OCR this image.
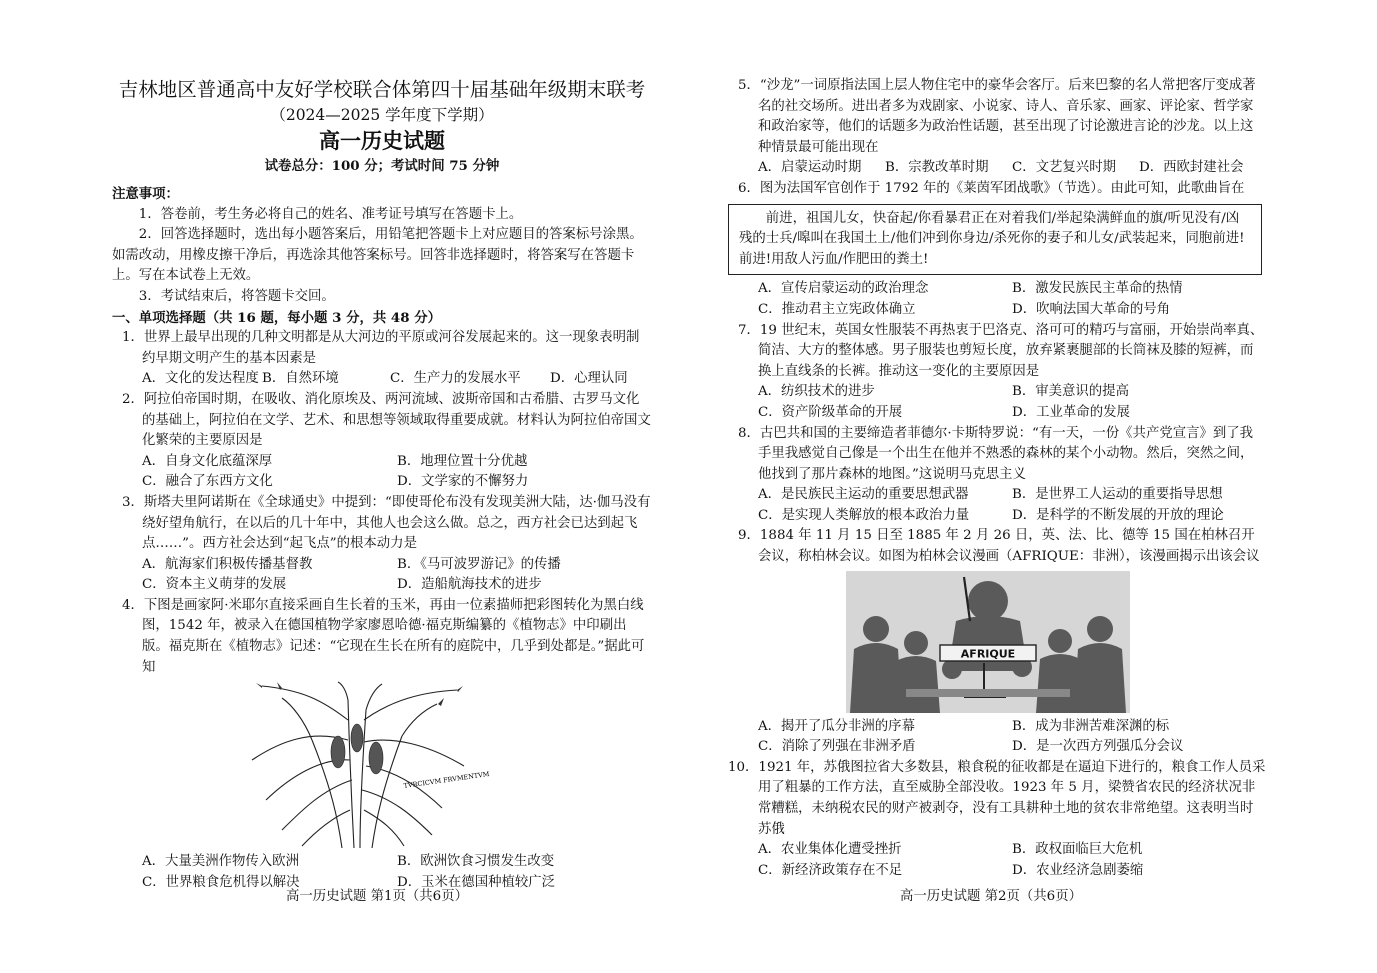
吉林地区普通高中友好学校联合体第四十届基础年级期末联考
（2024—2025 学年度下学期）
高一历史试题
试卷总分：100 分；考试时间 75 分钟
注意事项：
1．答卷前，考生务必将自己的姓名、准考证号填写在答题卡上。
2．回答选择题时，选出每小题答案后，用铅笔把答题卡上对应题目的答案标号涂黑。如需改动，用橡皮擦干净后，再选涂其他答案标号。回答非选择题时，将答案写在答题卡上。写在本试卷上无效。
3．考试结束后，将答题卡交回。
一、单项选择题（共 16 题，每小题 3 分，共 48 分）
1．世界上最早出现的几种文明都是从大河边的平原或河谷发展起来的。这一现象表明制约早期文明产生的基本因素是
A．文化的发达程度 B．自然环境	C．生产力的发展水平	D．心理认同
2．阿拉伯帝国时期，在吸收、消化原埃及、两河流域、波斯帝国和古希腊、古罗马文化的基础上，阿拉伯在文学、艺术、和思想等领域取得重要成就。材料认为阿拉伯帝国文化繁荣的主要原因是
A．自身文化底蕴深厚	B．地理位置十分优越
C．融合了东西方文化	D．文学家的不懈努力
3．斯塔夫里阿诺斯在《全球通史》中提到：“即使哥伦布没有发现美洲大陆，达·伽马没有绕好望角航行，在以后的几十年中，其他人也会这么做。总之，西方社会已达到起飞点……”。西方社会达到“起飞点”的根本动力是
A．航海家们积极传播基督教	B．《马可波罗游记》的传播
C．资本主义萌芽的发展	D．造船航海技术的进步
4．下图是画家阿·米耶尔直接采画自生长着的玉米，再由一位素描师把彩图转化为黑白线图，1542 年，被录入在德国植物学家廖恩哈德·福克斯编纂的《植物志》中印刷出版。福克斯在《植物志》记述：“它现在生长在所有的庭院中，几乎到处都是。”据此可知
TVRCICVM FRVMENTVM
A．大量美洲作物传入欧洲	B．欧洲饮食习惯发生改变
C．世界粮食危机得以解决	D．玉米在德国种植较广泛
5．“沙龙”一词原指法国上层人物住宅中的豪华会客厅。后来巴黎的名人常把客厅变成著名的社交场所。进出者多为戏剧家、小说家、诗人、音乐家、画家、评论家、哲学家和政治家等，他们的话题多为政治性话题，甚至出现了讨论激进言论的沙龙。以上这种情景最可能出现在
A．启蒙运动时期	B．宗教改革时期	C．文艺复兴时期	D．西欧封建社会
6．图为法国军官创作于 1792 年的《莱茵军团战歌》（节选）。由此可知，此歌曲旨在
前进，祖国儿女，快奋起/你看暴君正在对着我们/举起染满鲜血的旗/听见没有/凶残的士兵/嗥叫在我国土上/他们冲到你身边/杀死你的妻子和儿女/武装起来，同胞前进!前进!用敌人污血/作肥田的粪土!
A．宣传启蒙运动的政治理念	B．激发民族民主革命的热情
C．推动君主立宪政体确立	D．吹响法国大革命的号角
7．19 世纪末，英国女性服装不再热衷于巴洛克、洛可可的精巧与富丽，开始崇尚率真、简洁、大方的整体感。男子服装也剪短长度，放弃紧裹腿部的长筒袜及膝的短裤，而换上直线条的长裤。推动这一变化的主要原因是
A．纺织技术的进步	B．审美意识的提高
C．资产阶级革命的开展	D．工业革命的发展
8．古巴共和国的主要缔造者菲德尔·卡斯特罗说：“有一天，一份《共产党宣言》到了我手里我感觉自己像是一个出生在他并不熟悉的森林的某个小动物。然后，突然之间，他找到了那片森林的地图。”这说明马克思主义
A．是民族民主运动的重要思想武器	B．是世界工人运动的重要指导思想
C．是实现人类解放的根本政治力量	D．是科学的不断发展的开放的理论
9．1884 年 11 月 15 日至 1885 年 2 月 26 日，英、法、比、德等 15 国在柏林召开会议，称柏林会议。如图为柏林会议漫画（AFRIQUE：非洲），该漫画揭示出该会议
AFRIQUE
A．揭开了瓜分非洲的序幕	B．成为非洲苦难深渊的标
C．消除了列强在非洲矛盾	D．是一次西方列强瓜分会议
10．1921 年，苏俄图拉省大多数县，粮食税的征收都是在逼迫下进行的，粮食工作人员采用了粗暴的工作方法，直至威胁全部没收。1923 年 5 月，梁赞省农民的经济状况非常糟糕，未纳税农民的财产被剥夺，没有工具耕种土地的贫农非常绝望。这表明当时苏俄
A．农业集体化遭受挫折	B．政权面临巨大危机
C．新经济政策存在不足	D．农业经济急剧萎缩
高一历史试题 第1页（共6页）	高一历史试题 第2页（共6页）
